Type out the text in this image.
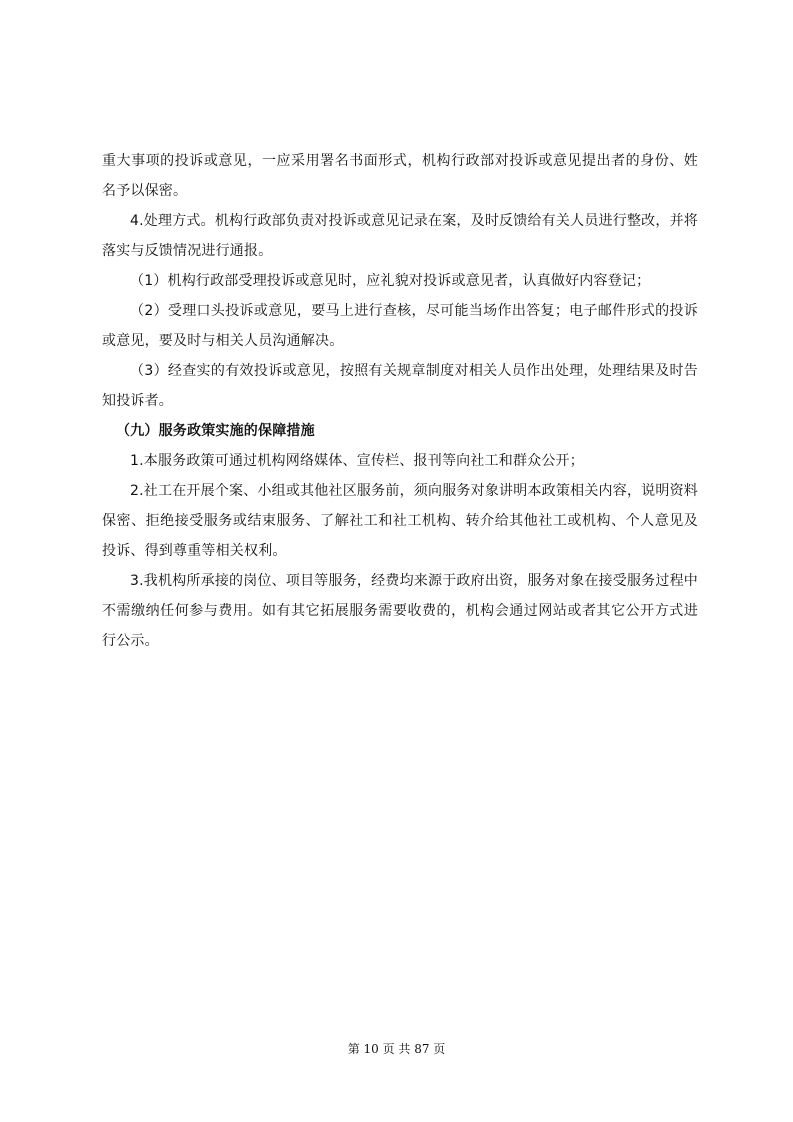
重大事项的投诉或意见，一应采用署名书面形式，机构行政部对投诉或意见提出者的身份、姓名予以保密。

4.处理方式。机构行政部负责对投诉或意见记录在案，及时反馈给有关人员进行整改，并将落实与反馈情况进行通报。

（1）机构行政部受理投诉或意见时，应礼貌对投诉或意见者，认真做好内容登记；

（2）受理口头投诉或意见，要马上进行查核，尽可能当场作出答复；电子邮件形式的投诉或意见，要及时与相关人员沟通解决。

（3）经查实的有效投诉或意见，按照有关规章制度对相关人员作出处理，处理结果及时告知投诉者。

（九）服务政策实施的保障措施

1.本服务政策可通过机构网络媒体、宣传栏、报刊等向社工和群众公开；

2.社工在开展个案、小组或其他社区服务前，须向服务对象讲明本政策相关内容，说明资料保密、拒绝接受服务或结束服务、了解社工和社工机构、转介给其他社工或机构、个人意见及投诉、得到尊重等相关权利。

3.我机构所承接的岗位、项目等服务，经费均来源于政府出资，服务对象在接受服务过程中不需缴纳任何参与费用。如有其它拓展服务需要收费的，机构会通过网站或者其它公开方式进行公示。

第 10 页 共 87 页
